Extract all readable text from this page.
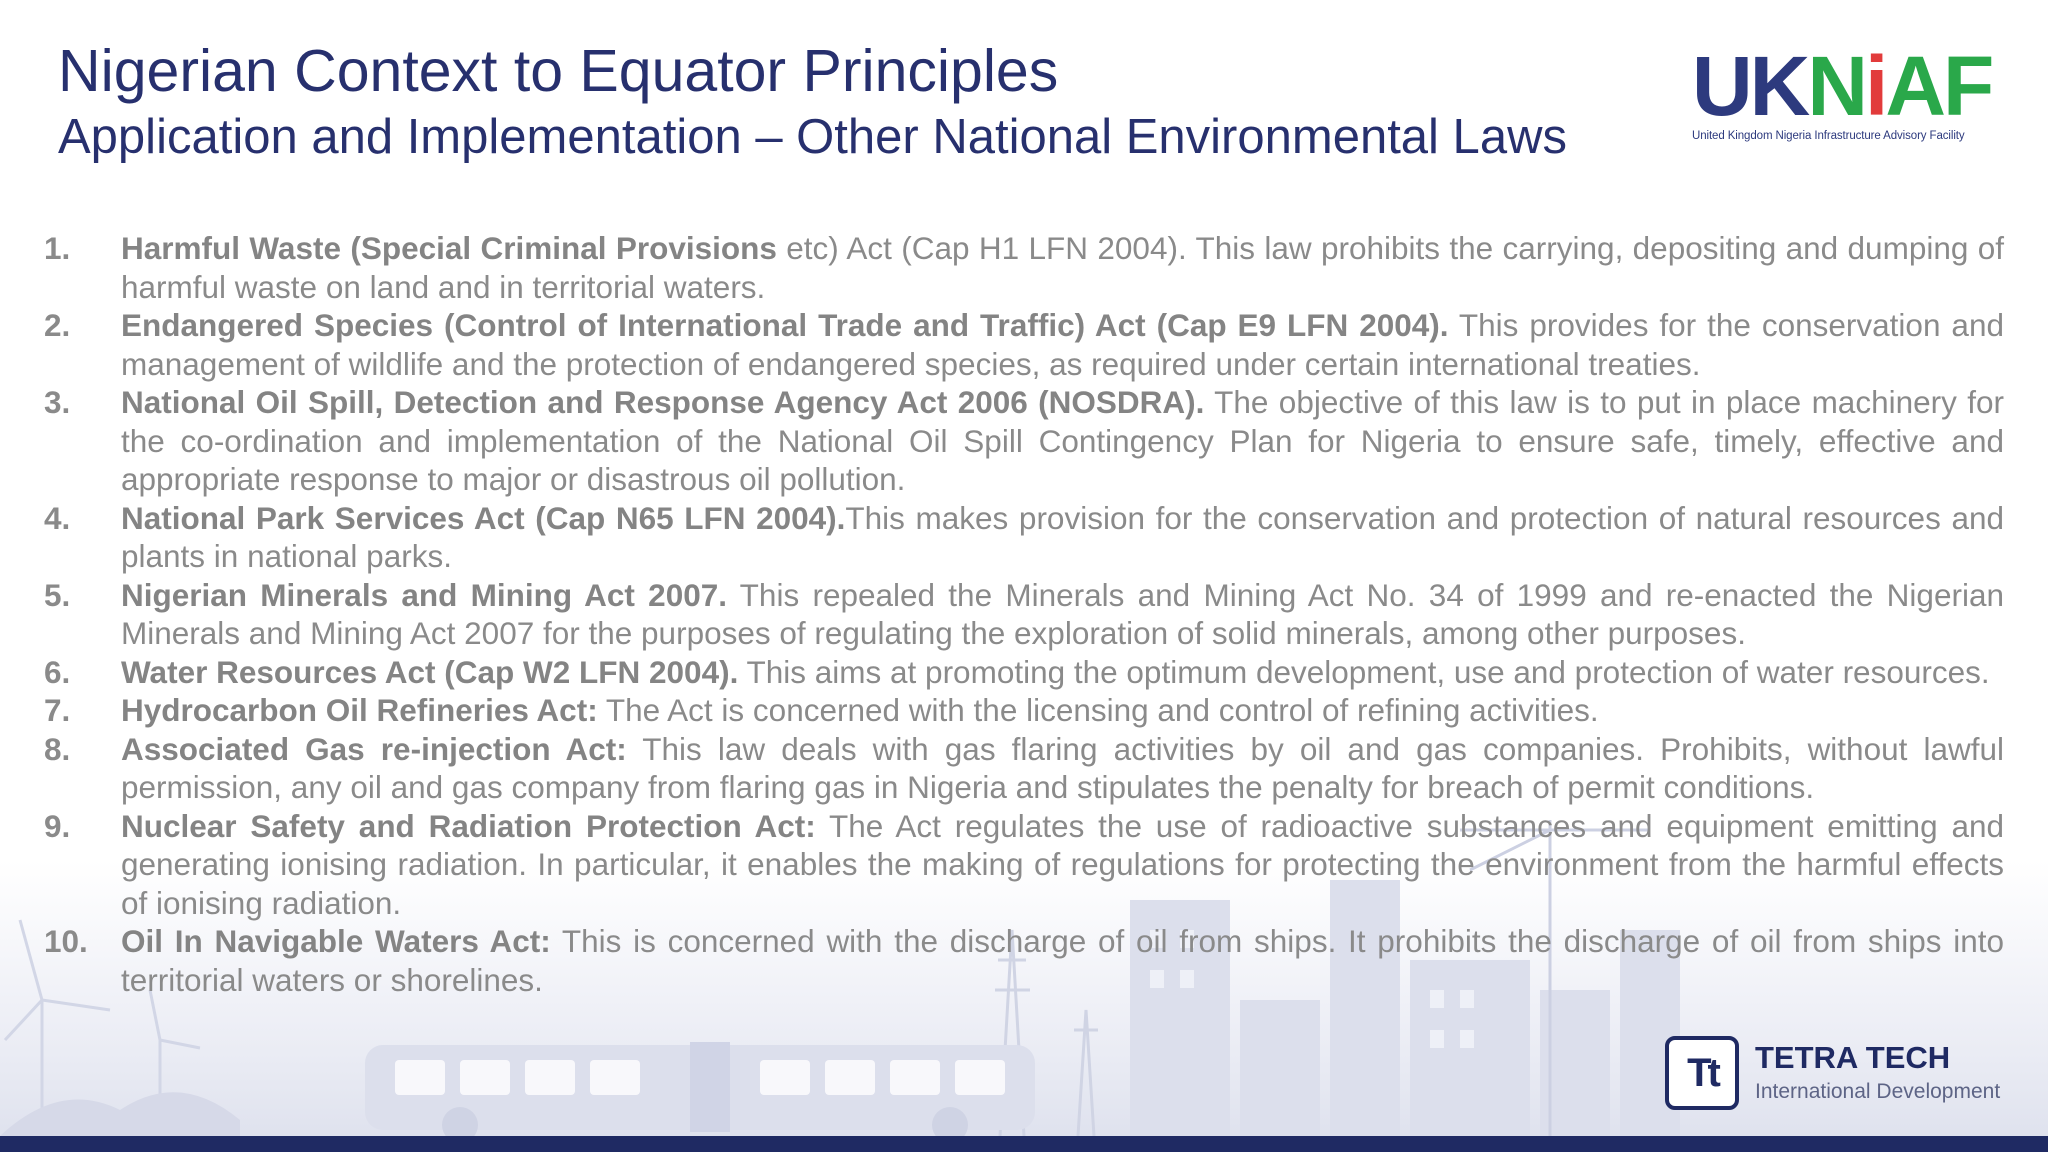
Nigerian Context to Equator Principles
Application and Implementation – Other National Environmental Laws
UKNiAF
United Kingdom Nigeria Infrastructure Advisory Facility
1. Harmful Waste (Special Criminal Provisions etc) Act (Cap H1 LFN 2004). This law prohibits the carrying, depositing and dumping of harmful waste on land and in territorial waters.
2. Endangered Species (Control of International Trade and Traffic) Act (Cap E9 LFN 2004). This provides for the conservation and management of wildlife and the protection of endangered species, as required under certain international treaties.
3. National Oil Spill, Detection and Response Agency Act 2006 (NOSDRA). The objective of this law is to put in place machinery for the co-ordination and implementation of the National Oil Spill Contingency Plan for Nigeria to ensure safe, timely, effective and appropriate response to major or disastrous oil pollution.
4. National Park Services Act (Cap N65 LFN 2004).This makes provision for the conservation and protection of natural resources and plants in national parks.
5. Nigerian Minerals and Mining Act 2007. This repealed the Minerals and Mining Act No. 34 of 1999 and re-enacted the Nigerian Minerals and Mining Act 2007 for the purposes of regulating the exploration of solid minerals, among other purposes.
6. Water Resources Act (Cap W2 LFN 2004). This aims at promoting the optimum development, use and protection of water resources.
7. Hydrocarbon Oil Refineries Act: The Act is concerned with the licensing and control of refining activities.
8. Associated Gas re-injection Act: This law deals with gas flaring activities by oil and gas companies. Prohibits, without lawful permission, any oil and gas company from flaring gas in Nigeria and stipulates the penalty for breach of permit conditions.
9. Nuclear Safety and Radiation Protection Act: The Act regulates the use of radioactive substances and equipment emitting and generating ionising radiation. In particular, it enables the making of regulations for protecting the environment from the harmful effects of ionising radiation.
10. Oil In Navigable Waters Act: This is concerned with the discharge of oil from ships. It prohibits the discharge of oil from ships into territorial waters or shorelines.
Tt	TETRA TECH
International Development
